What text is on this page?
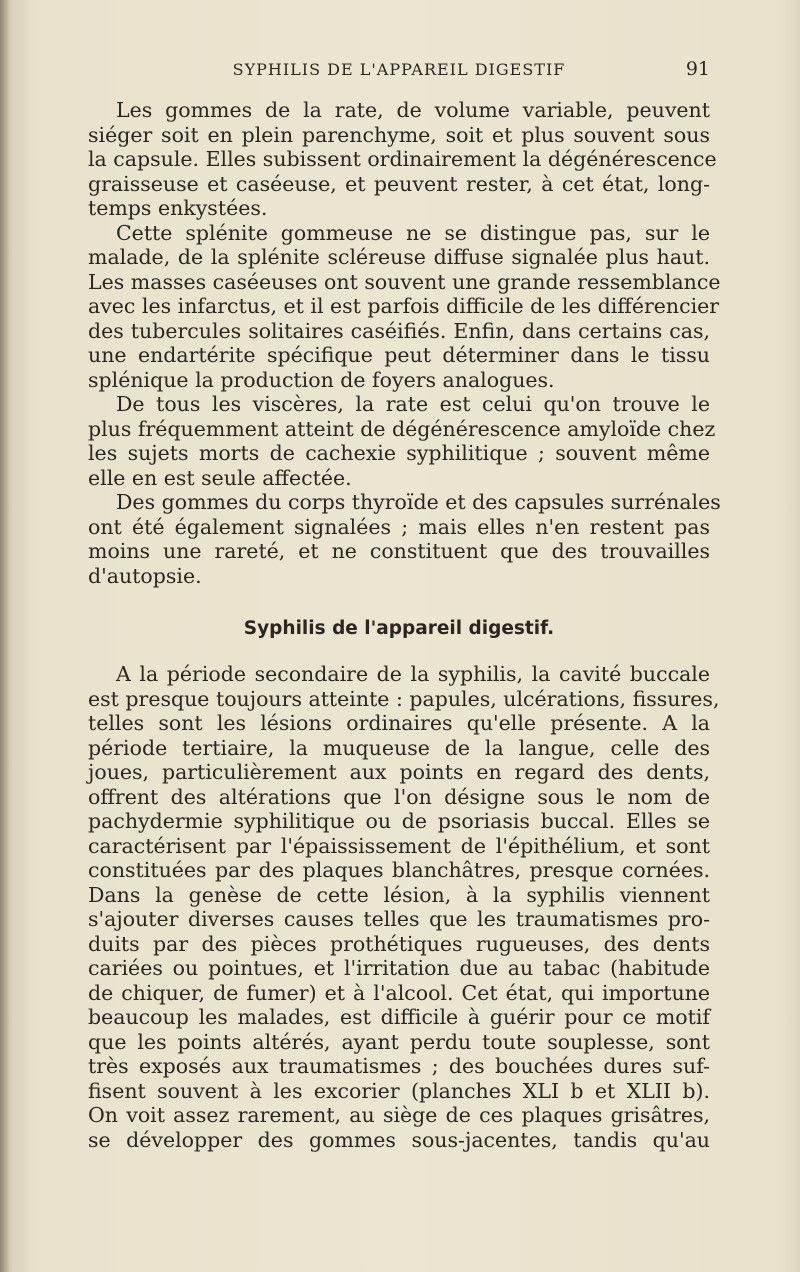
SYPHILIS DE L'APPAREIL DIGESTIF	91
Les gommes de la rate, de volume variable, peuvent
siéger soit en plein parenchyme, soit et plus souvent sous
la capsule. Elles subissent ordinairement la dégénérescence
graisseuse et caséeuse, et peuvent rester, à cet état, long-
temps enkystées.
Cette splénite gommeuse ne se distingue pas, sur le
malade, de la splénite scléreuse diffuse signalée plus haut.
Les masses caséeuses ont souvent une grande ressemblance
avec les infarctus, et il est parfois difficile de les différencier
des tubercules solitaires caséifiés. Enfin, dans certains cas,
une endartérite spécifique peut déterminer dans le tissu
splénique la production de foyers analogues.
De tous les viscères, la rate est celui qu'on trouve le
plus fréquemment atteint de dégénérescence amyloïde chez
les sujets morts de cachexie syphilitique ; souvent même
elle en est seule affectée.
Des gommes du corps thyroïde et des capsules surrénales
ont été également signalées ; mais elles n'en restent pas
moins une rareté, et ne constituent que des trouvailles
d'autopsie.
Syphilis de l'appareil digestif.
A la période secondaire de la syphilis, la cavité buccale
est presque toujours atteinte : papules, ulcérations, fissures,
telles sont les lésions ordinaires qu'elle présente. A la
période tertiaire, la muqueuse de la langue, celle des
joues, particulièrement aux points en regard des dents,
offrent des altérations que l'on désigne sous le nom de
pachydermie syphilitique ou de psoriasis buccal. Elles se
caractérisent par l'épaississement de l'épithélium, et sont
constituées par des plaques blanchâtres, presque cornées.
Dans la genèse de cette lésion, à la syphilis viennent
s'ajouter diverses causes telles que les traumatismes pro-
duits par des pièces prothétiques rugueuses, des dents
cariées ou pointues, et l'irritation due au tabac (habitude
de chiquer, de fumer) et à l'alcool. Cet état, qui importune
beaucoup les malades, est difficile à guérir pour ce motif
que les points altérés, ayant perdu toute souplesse, sont
très exposés aux traumatismes ; des bouchées dures suf-
fisent souvent à les excorier (planches XLI b et XLII b).
On voit assez rarement, au siège de ces plaques grisâtres,
se développer des gommes sous-jacentes, tandis qu'au
